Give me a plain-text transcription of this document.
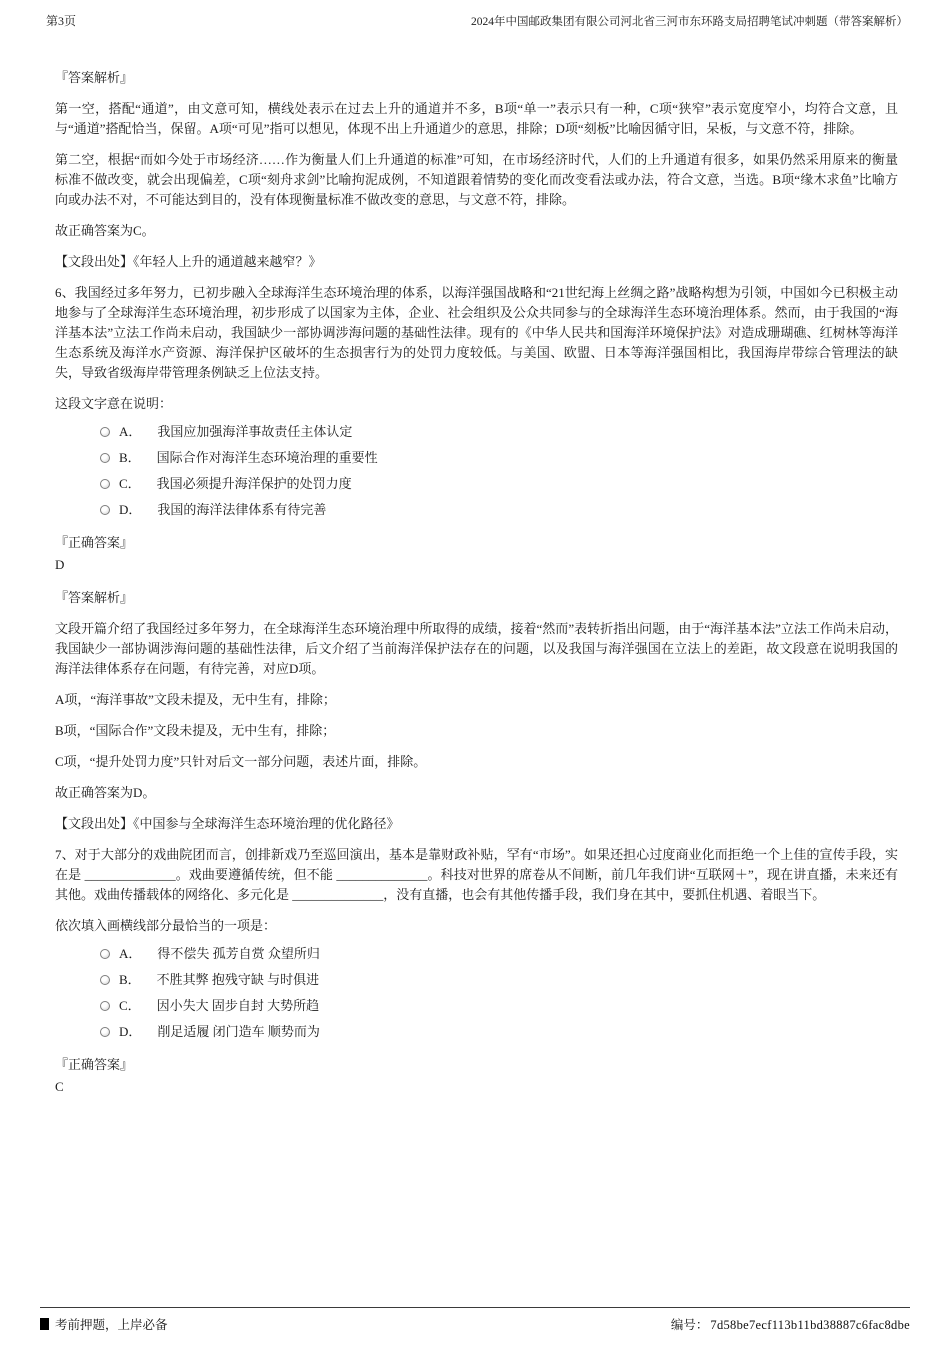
第3页	2024年中国邮政集团有限公司河北省三河市东环路支局招聘笔试冲刺题（带答案解析）
『答案解析』

第一空，搭配“通道”，由文意可知，横线处表示在过去上升的通道并不多，B项“单一”表示只有一种，C项“狭窄”表示宽度窄小，均符合文意，且与“通道”搭配恰当，保留。A项“可见”指可以想见，体现不出上升通道少的意思，排除；D项“刻板”比喻因循守旧，呆板，与文意不符，排除。

第二空，根据“而如今处于市场经济……作为衡量人们上升通道的标准”可知，在市场经济时代，人们的上升通道有很多，如果仍然采用原来的衡量标准不做改变，就会出现偏差，C项“刻舟求剑”比喻拘泥成例，不知道跟着情势的变化而改变看法或办法，符合文意，当选。B项“缘木求鱼”比喻方向或办法不对，不可能达到目的，没有体现衡量标准不做改变的意思，与文意不符，排除。

故正确答案为C。

【文段出处】《年轻人上升的通道越来越窄？》

6、我国经过多年努力，已初步融入全球海洋生态环境治理的体系，以海洋强国战略和“21世纪海上丝绸之路”战略构想为引领，中国如今已积极主动地参与了全球海洋生态环境治理，初步形成了以国家为主体，企业、社会组织及公众共同参与的全球海洋生态环境治理体系。然而，由于我国的“海洋基本法”立法工作尚未启动，我国缺少一部协调涉海问题的基础性法律。现有的《中华人民共和国海洋环境保护法》对造成珊瑚礁、红树林等海洋生态系统及海洋水产资源、海洋保护区破坏的生态损害行为的处罚力度较低。与美国、欧盟、日本等海洋强国相比，我国海岸带综合管理法的缺失，导致省级海岸带管理条例缺乏上位法支持。

这段文字意在说明：

A． 我国应加强海洋事故责任主体认定
B． 国际合作对海洋生态环境治理的重要性
C． 我国必须提升海洋保护的处罚力度
D． 我国的海洋法律体系有待完善
『正确答案』
D
『答案解析』

文段开篇介绍了我国经过多年努力，在全球海洋生态环境治理中所取得的成绩，接着“然而”表转折指出问题，由于“海洋基本法”立法工作尚未启动，我国缺少一部协调涉海问题的基础性法律，后文介绍了当前海洋保护法存在的问题，以及我国与海洋强国在立法上的差距，故文段意在说明我国的海洋法律体系存在问题，有待完善，对应D项。

A项，“海洋事故”文段未提及，无中生有，排除；

B项，“国际合作”文段未提及，无中生有，排除；

C项，“提升处罚力度”只针对后文一部分问题，表述片面，排除。

故正确答案为D。

【文段出处】《中国参与全球海洋生态环境治理的优化路径》

7、对于大部分的戏曲院团而言，创排新戏乃至巡回演出，基本是靠财政补贴，罕有“市场”。如果还担心过度商业化而拒绝一个上佳的宣传手段，实在是 ______________。戏曲要遵循传统，但不能 ______________。科技对世界的席卷从不间断，前几年我们讲“互联网＋”，现在讲直播，未来还有其他。戏曲传播载体的网络化、多元化是 ______________，没有直播，也会有其他传播手段，我们身在其中，要抓住机遇、着眼当下。

依次填入画横线部分最恰当的一项是：

A． 得不偿失 孤芳自赏 众望所归
B． 不胜其弊 抱残守缺 与时俱进
C． 因小失大 固步自封 大势所趋
D． 削足适履 闭门造车 顺势而为
『正确答案』
C
考前押题，上岸必备	编号： 7d58be7ecf113b11bd38887c6fac8dbe
